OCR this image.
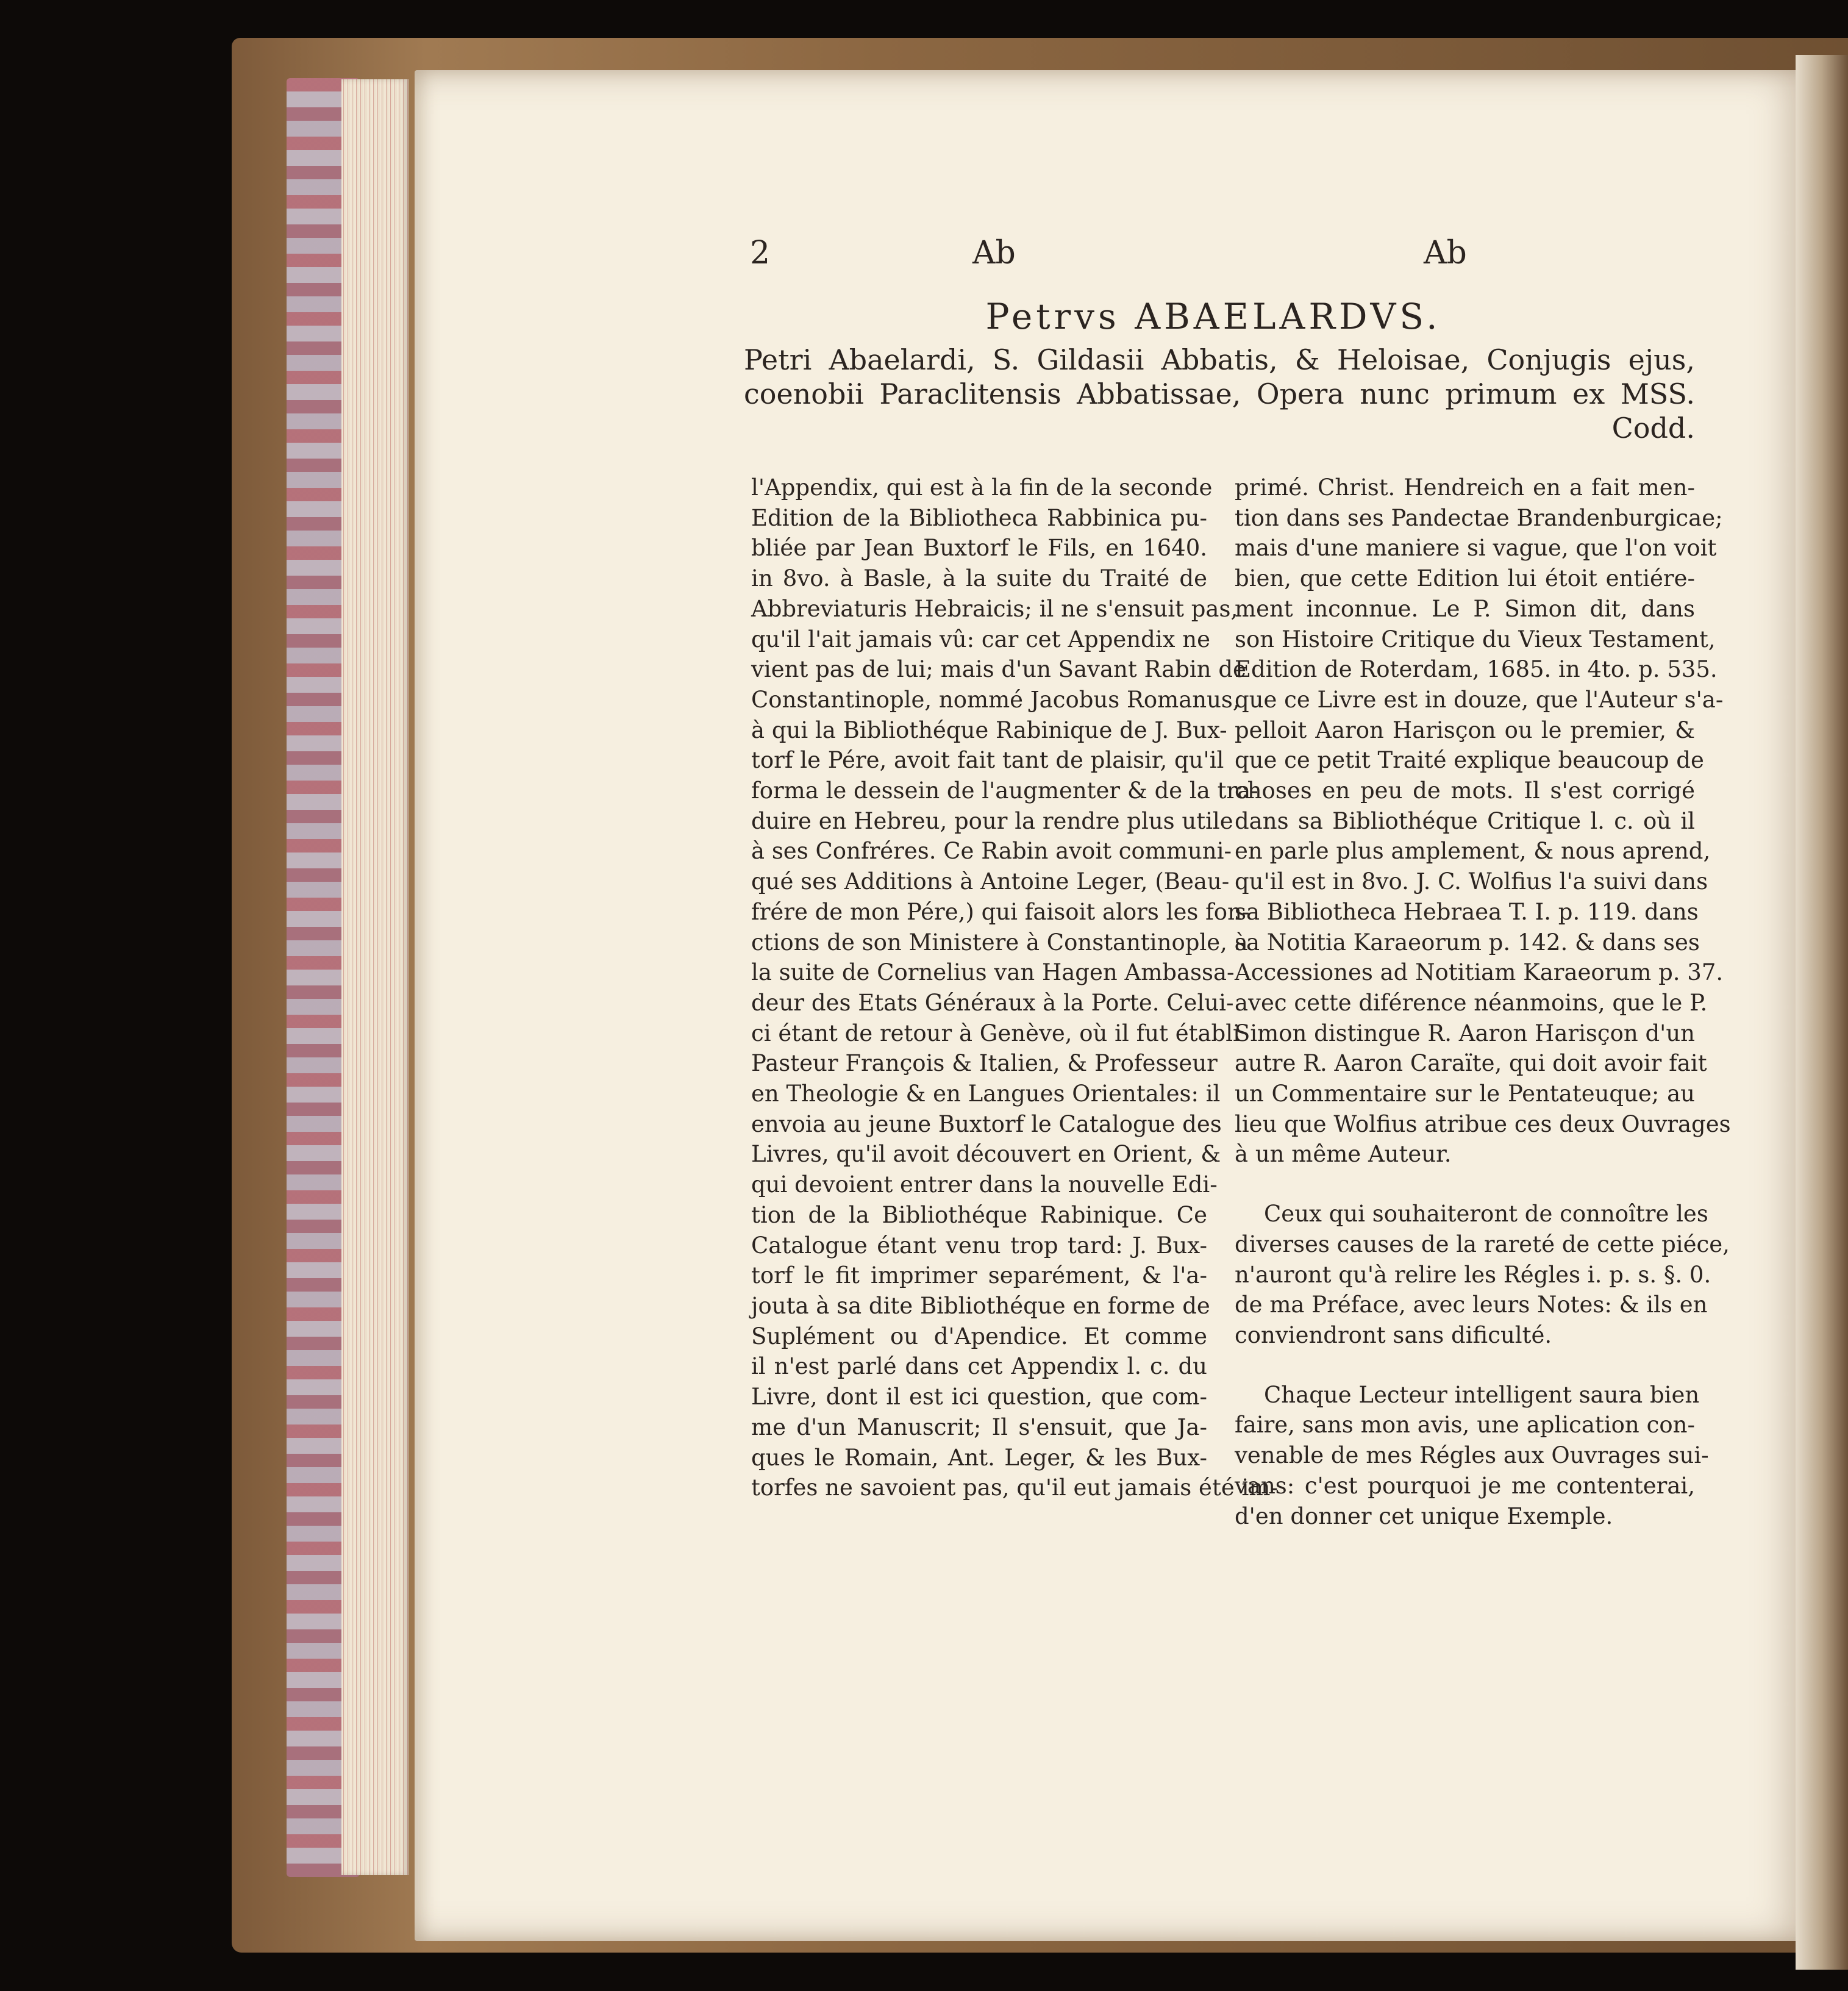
2	Ab	Ab
Petrvs ABAELARDVS.
Petri Abaelardi, S. Gildasii Abbatis, & Heloisae, Conjugis ejus, coenobii Paraclitensis Abbatissae, Opera nunc primum ex MSS. Codd.
l'Appendix, qui est à la fin de la seconde
Edition de la Bibliotheca Rabbinica pu-
bliée par Jean Buxtorf le Fils, en 1640.
in 8vo. à Basle, à la suite du Traité de
Abbreviaturis Hebraicis; il ne s'ensuit pas,
qu'il l'ait jamais vû: car cet Appendix ne
vient pas de lui; mais d'un Savant Rabin de
Constantinople, nommé Jacobus Romanus,
à qui la Bibliothéque Rabinique de J. Bux-
torf le Pére, avoit fait tant de plaisir, qu'il
forma le dessein de l'augmenter & de la tra-
duire en Hebreu, pour la rendre plus utile
à ses Confréres. Ce Rabin avoit communi-
qué ses Additions à Antoine Leger, (Beau-
frére de mon Pére,) qui faisoit alors les fon-
ctions de son Ministere à Constantinople, à
la suite de Cornelius van Hagen Ambassa-
deur des Etats Généraux à la Porte. Celui-
ci étant de retour à Genève, où il fut établi
Pasteur François & Italien, & Professeur
en Theologie & en Langues Orientales: il
envoia au jeune Buxtorf le Catalogue des
Livres, qu'il avoit découvert en Orient, &
qui devoient entrer dans la nouvelle Edi-
tion de la Bibliothéque Rabinique. Ce
Catalogue étant venu trop tard: J. Bux-
torf le fit imprimer separément, & l'a-
jouta à sa dite Bibliothéque en forme de
Suplément ou d'Apendice. Et comme
il n'est parlé dans cet Appendix l. c. du
Livre, dont il est ici question, que com-
me d'un Manuscrit; Il s'ensuit, que Ja-
ques le Romain, Ant. Leger, & les Bux-
torfes ne savoient pas, qu'il eut jamais été im-
primé. Christ. Hendreich en a fait men-
tion dans ses Pandectae Brandenburgicae;
mais d'une maniere si vague, que l'on voit
bien, que cette Edition lui étoit entiére-
ment inconnue. Le P. Simon dit, dans
son Histoire Critique du Vieux Testament,
Edition de Roterdam, 1685. in 4to. p. 535.
que ce Livre est in douze, que l'Auteur s'a-
pelloit Aaron Harisçon ou le premier, &
que ce petit Traité explique beaucoup de
choses en peu de mots. Il s'est corrigé
dans sa Bibliothéque Critique l. c. où il
en parle plus amplement, & nous aprend,
qu'il est in 8vo. J. C. Wolfius l'a suivi dans
sa Bibliotheca Hebraea T. I. p. 119. dans
sa Notitia Karaeorum p. 142. & dans ses
Accessiones ad Notitiam Karaeorum p. 37.
avec cette diférence néanmoins, que le P.
Simon distingue R. Aaron Harisçon d'un
autre R. Aaron Caraïte, qui doit avoir fait
un Commentaire sur le Pentateuque; au
lieu que Wolfius atribue ces deux Ouvrages
à un même Auteur.
Ceux qui souhaiteront de connoître les
diverses causes de la rareté de cette piéce,
n'auront qu'à relire les Régles i. p. s. §. 0.
de ma Préface, avec leurs Notes: & ils en
conviendront sans dificulté.
Chaque Lecteur intelligent saura bien
faire, sans mon avis, une aplication con-
venable de mes Régles aux Ouvrages sui-
vans: c'est pourquoi je me contenterai,
d'en donner cet unique Exemple.
